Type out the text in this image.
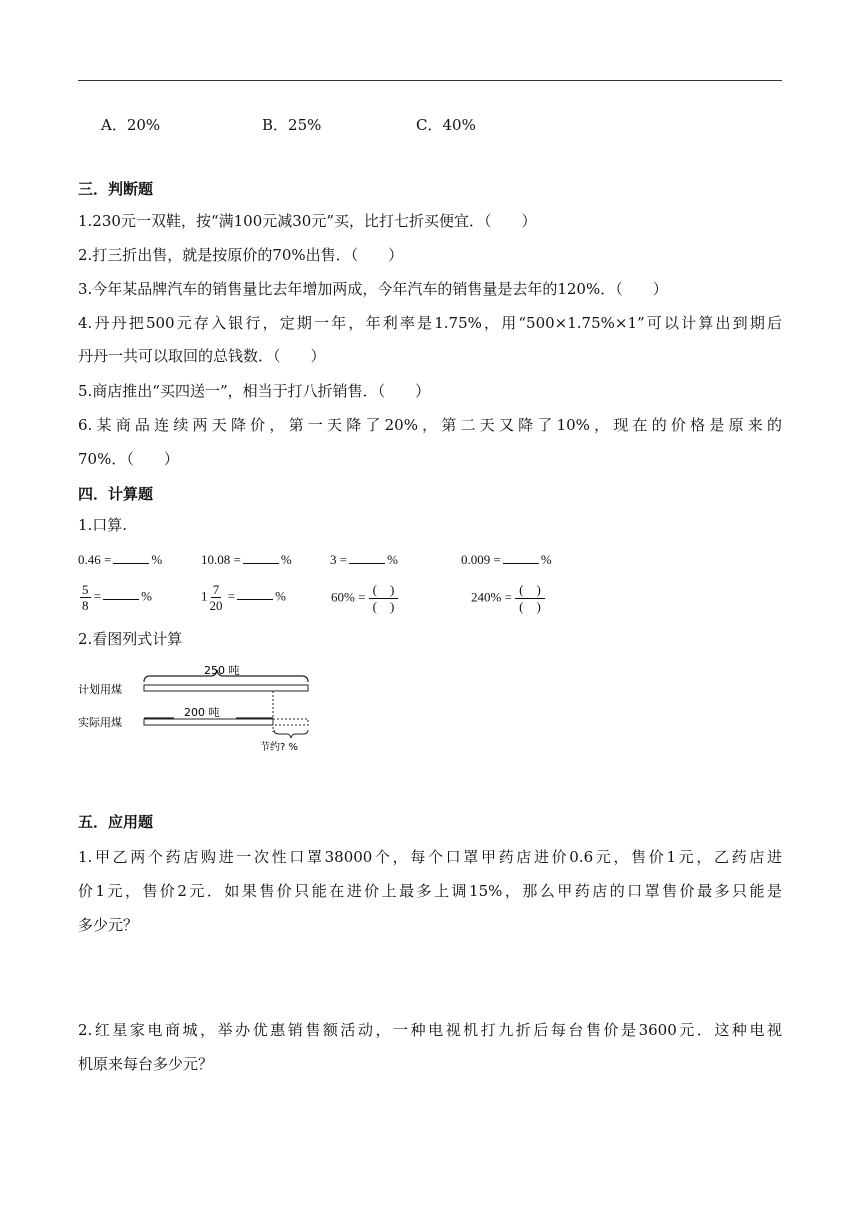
A．20%	B．25%	C．40%
三．判断题
1.230元一双鞋，按“满100元减30元”买，比打七折买便宜．（　　）
2.打三折出售，就是按原价的70%出售．（　　）
3.今年某品牌汽车的销售量比去年增加两成，今年汽车的销售量是去年的120%．（　　）
4.丹丹把500元存入银行，定期一年，年利率是1.75%，用“500×1.75%×1”可以计算出到期后
丹丹一共可以取回的总钱数．（　　）
5.商店推出“买四送一”，相当于打八折销售．（　　）
6.某商品连续两天降价，第一天降了20%，第二天又降了10%，现在的价格是原来的
70%．（　　）
四．计算题
1.口算.
0.46 =	%	10.08 =	%	3 =	%	0.009 =	%
$\frac{5}{8}$ =	%	$1 \frac{7}{20}$ =	%	$60\% = \frac{( )}{( )}$	$240\% = \frac{( )}{( )}$
2.看图列式计算
250 吨
计划用煤
实际用煤
200 吨
节约? %
五．应用题
1.甲乙两个药店购进一次性口罩38000个，每个口罩甲药店进价0.6元，售价1元，乙药店进
价1元，售价2元．如果售价只能在进价上最多上调15%，那么甲药店的口罩售价最多只能是
多少元？
2.红星家电商城，举办优惠销售额活动，一种电视机打九折后每台售价是3600元．这种电视
机原来每台多少元？
